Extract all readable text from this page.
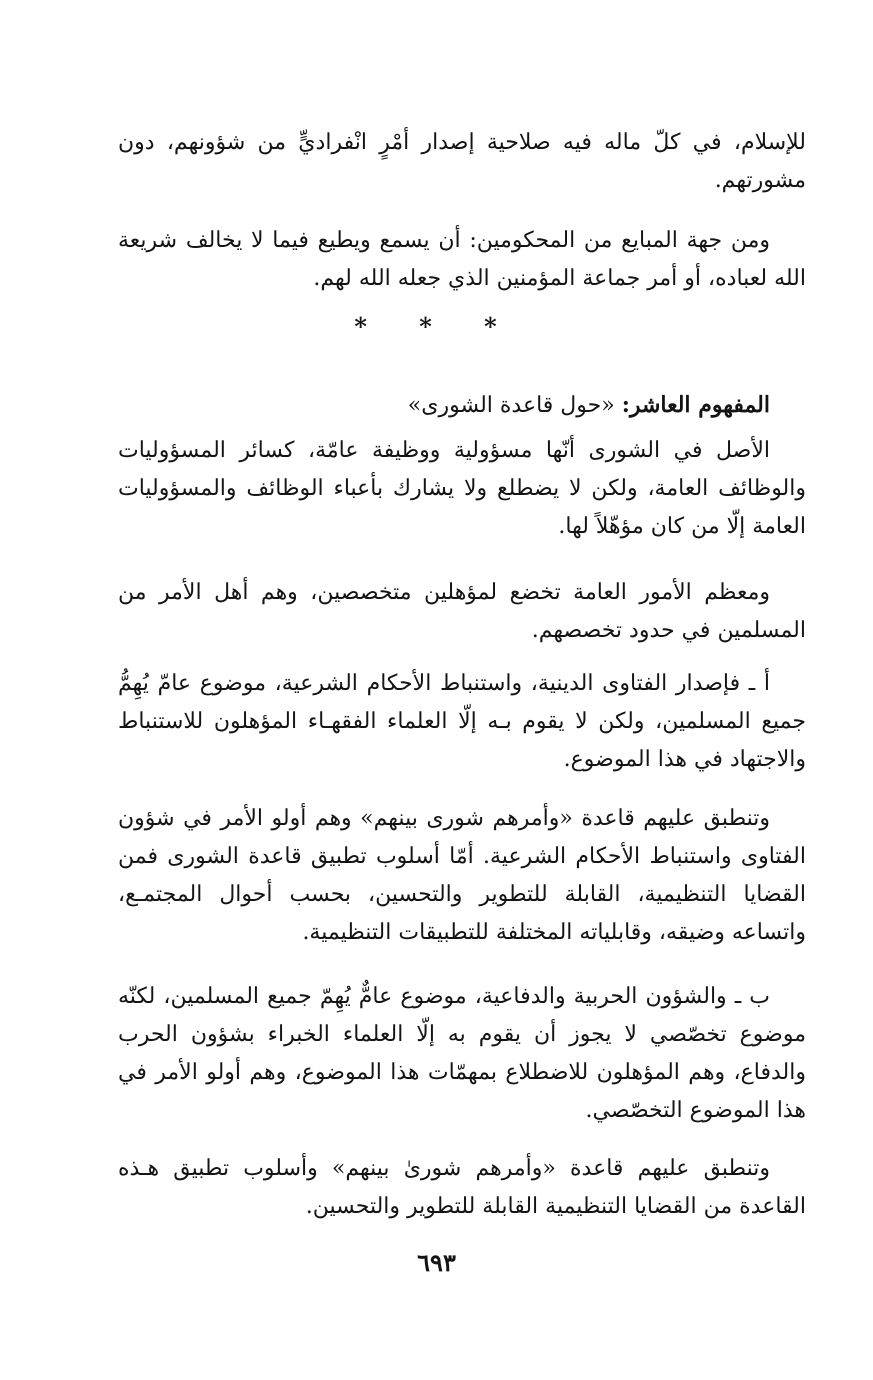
للإسلام، في كلّ ماله فيه صلاحية إصدار أمْرٍ انْفراديٍّ من شؤونهم، دون مشورتهم.

ومن جهة المبايع من المحكومين: أن يسمع ويطيع فيما لا يخالف شريعة الله لعباده، أو أمر جماعة المؤمنين الذي جعله الله لهم.

* * *

المفهوم العاشر: «حول قاعدة الشورى»

الأصل في الشورى أنّها مسؤولية ووظيفة عامّة، كسائر المسؤوليات والوظائف العامة، ولكن لا يضطلع ولا يشارك بأعباء الوظائف والمسؤوليات العامة إلّا من كان مؤهّلاً لها.

ومعظم الأمور العامة تخضع لمؤهلين متخصصين، وهم أهل الأمر من المسلمين في حدود تخصصهم.

أ ـ فإصدار الفتاوى الدينية، واستنباط الأحكام الشرعية، موضوع عامّ يُهِمُّ جميع المسلمين، ولكن لا يقوم بـه إلّا العلماء الفقهـاء المؤهلون للاستنباط والاجتهاد في هذا الموضوع.

وتنطبق عليهم قاعدة «وأمرهم شورى بينهم» وهم أولو الأمر في شؤون الفتاوى واستنباط الأحكام الشرعية. أمّا أسلوب تطبيق قاعدة الشورى فمن القضايا التنظيمية، القابلة للتطوير والتحسين، بحسب أحوال المجتمـع، واتساعه وضيقه، وقابلياته المختلفة للتطبيقات التنظيمية.

ب ـ والشؤون الحربية والدفاعية، موضوع عامٌّ يُهِمّ جميع المسلمين، لكنّه موضوع تخصّصي لا يجوز أن يقوم به إلّا العلماء الخبراء بشؤون الحرب والدفاع، وهم المؤهلون للاضطلاع بمهمّات هذا الموضوع، وهم أولو الأمر في هذا الموضوع التخصّصي.

وتنطبق عليهم قاعدة «وأمرهم شورىٰ بينهم» وأسلوب تطبيق هـذه القاعدة من القضايا التنظيمية القابلة للتطوير والتحسين.

٦٩٣
